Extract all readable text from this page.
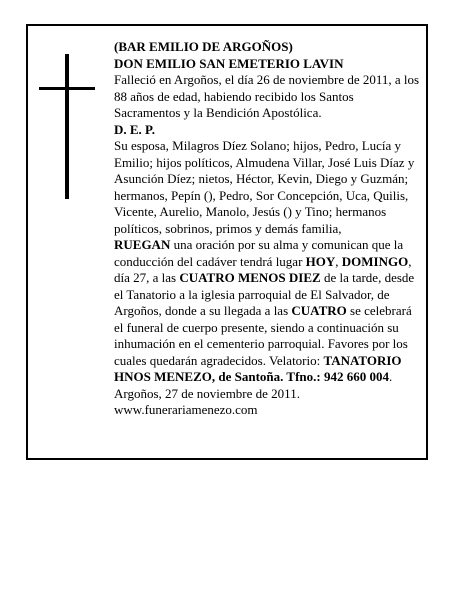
(BAR EMILIO DE ARGOÑOS)

DON EMILIO SAN EMETERIO LAVIN

Falleció en Argoños, el día 26 de noviembre de 2011, a los 88 años de edad, habiendo recibido los Santos Sacramentos y la Bendición Apostólica.

D. E. P.

Su esposa, Milagros Díez Solano; hijos, Pedro, Lucía y Emilio; hijos políticos, Almudena Villar, José Luis Díaz y Asunción Díez; nietos, Héctor, Kevin, Diego y Guzmán; hermanos, Pepín (), Pedro, Sor Concepción, Uca, Quilis, Vicente, Aurelio, Manolo, Jesús () y Tino; hermanos políticos, sobrinos, primos y demás familia,

RUEGAN una oración por su alma y comunican que la conducción del cadáver tendrá lugar HOY, DOMINGO, día 27, a las CUATRO MENOS DIEZ de la tarde, desde el Tanatorio a la iglesia parroquial de El Salvador, de Argoños, donde a su llegada a las CUATRO se celebrará el funeral de cuerpo presente, siendo a continuación su inhumación en el cementerio parroquial. Favores por los cuales quedarán agradecidos. Velatorio: TANATORIO HNOS MENEZO, de Santoña. Tfno.: 942 660 004.

Argoños, 27 de noviembre de 2011.

www.funerariamenezo.com
